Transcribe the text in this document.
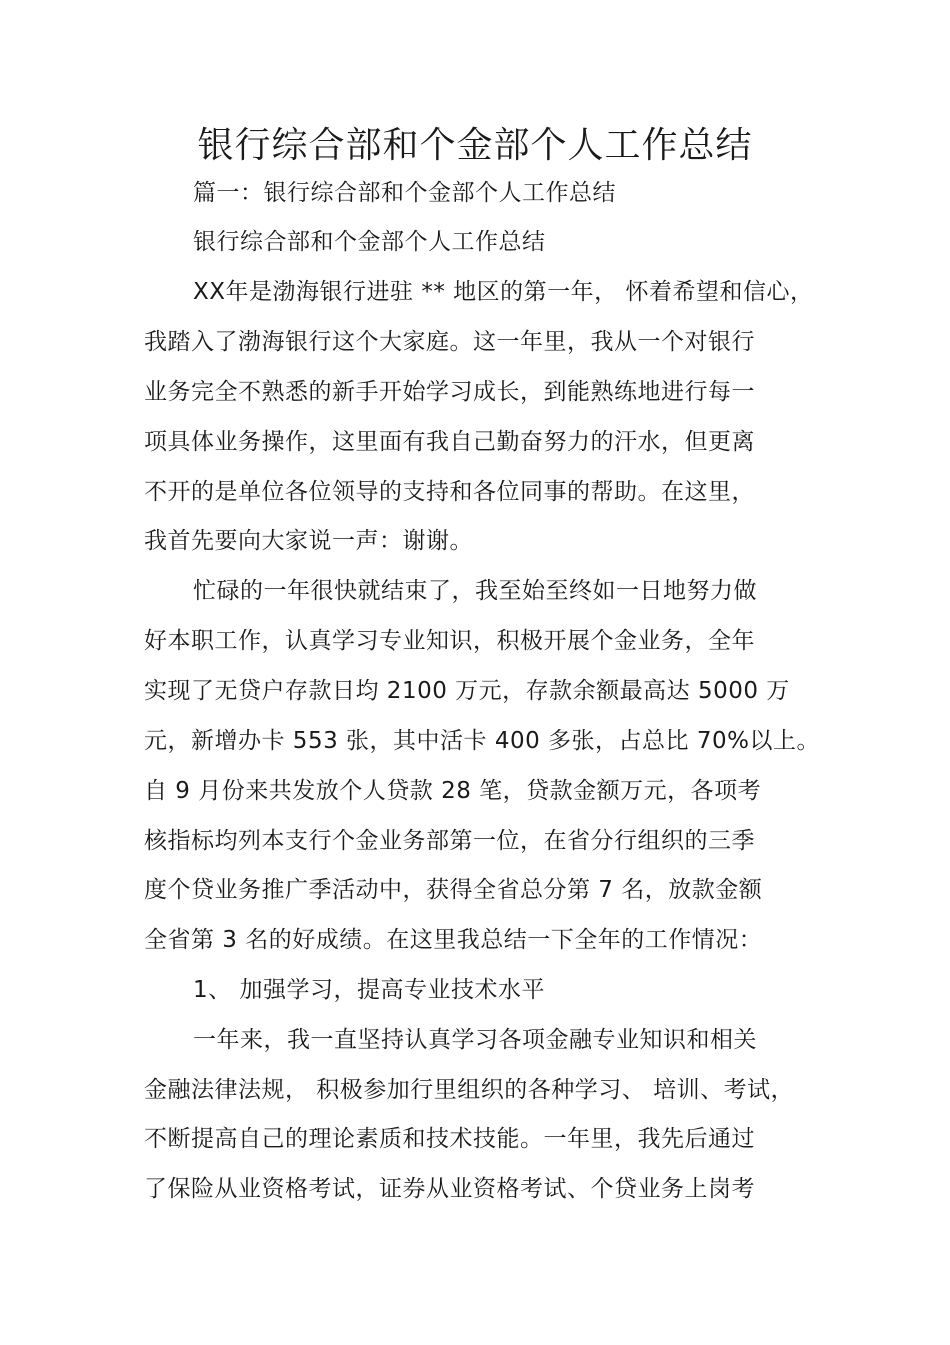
银行综合部和个金部个人工作总结
篇一：银行综合部和个金部个人工作总结
银行综合部和个金部个人工作总结
XX年是渤海银行进驻 ** 地区的第一年， 怀着希望和信心，
我踏入了渤海银行这个大家庭。这一年里，我从一个对银行
业务完全不熟悉的新手开始学习成长，到能熟练地进行每一
项具体业务操作，这里面有我自己勤奋努力的汗水，但更离
不开的是单位各位领导的支持和各位同事的帮助。在这里，
我首先要向大家说一声：谢谢。
忙碌的一年很快就结束了，我至始至终如一日地努力做
好本职工作，认真学习专业知识，积极开展个金业务，全年
实现了无贷户存款日均 2100 万元，存款余额最高达 5000 万
元，新增办卡 553 张，其中活卡 400 多张，占总比 70%以上。
自 9 月份来共发放个人贷款 28 笔，贷款金额万元，各项考
核指标均列本支行个金业务部第一位，在省分行组织的三季
度个贷业务推广季活动中，获得全省总分第 7 名，放款金额
全省第 3 名的好成绩。在这里我总结一下全年的工作情况：
1、 加强学习，提高专业技术水平
一年来，我一直坚持认真学习各项金融专业知识和相关
金融法律法规， 积极参加行里组织的各种学习、 培训、考试，
不断提高自己的理论素质和技术技能。一年里，我先后通过
了保险从业资格考试，证券从业资格考试、个贷业务上岗考
